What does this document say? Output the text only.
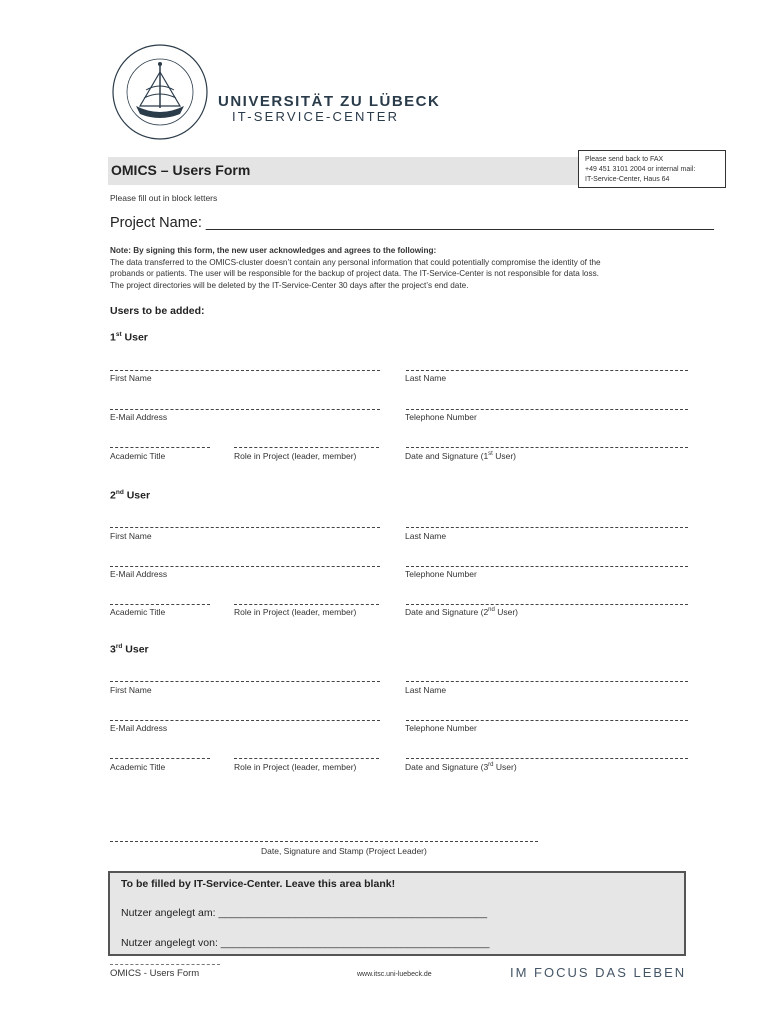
UNIVERSITÄT ZU LÜBECK
IT-SERVICE-CENTER
OMICS – Users Form
Please send back to FAX
+49 451 3101 2004 or internal mail:
IT-Service-Center, Haus 64
Please fill out in block letters
Project Name: _______________________________________________________________
Note: By signing this form, the new user acknowledges and agrees to the following:
The data transferred to the OMICS-cluster doesn’t contain any personal information that could potentially compromise the identity of the
probands or patients. The user will be responsible for the backup of project data. The IT-Service-Center is not responsible for data loss.
The project directories will be deleted by the IT-Service-Center 30 days after the project’s end date.
Users to be added:
1st User
First Name	Last Name
E-Mail Address	Telephone Number
Academic Title	Role in Project (leader, member)	Date and Signature (1st User)
2nd User
First Name	Last Name
E-Mail Address	Telephone Number
Academic Title	Role in Project (leader, member)	Date and Signature (2nd User)
3rd User
First Name	Last Name
E-Mail Address	Telephone Number
Academic Title	Role in Project (leader, member)	Date and Signature (3rd User)
Date, Signature and Stamp (Project Leader)
To be filled by IT-Service-Center. Leave this area blank!
Nutzer angelegt am: ______________________________________________
Nutzer angelegt von: ______________________________________________
OMICS - Users Form	www.itsc.uni-luebeck.de	IM FOCUS DAS LEBEN
